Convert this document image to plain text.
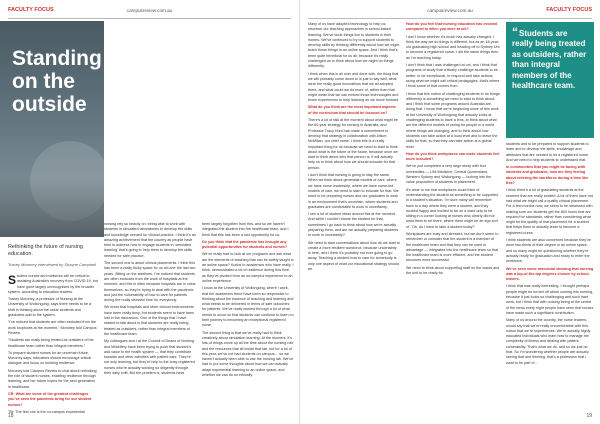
FACULTY FOCUS	campusreview.com.au
Standing on the outside
Rethinking the future of nursing education.
Tracey Moroney interviewed by Shayne Campbell

Student nurses and midwives will be critical to assisting Australia’s recovery from COVID-19, but have gone largely unrecognised by the broader system, according to education leaders.

Tracey Moroney, a professor of Nursing at the University of Wollongong, says there needs to be a shift in thinking about the value students and graduates add to the system.

“I’ve noticed that students are often excluded from the work loopholes at the moment,” Moroney told Campus Review.

“Students are really being treated as outsiders of the healthcare team rather than integral members.”

To prepare student nurses for an uncertain future, Moroney says, educators should encourage critical dialogue and focus on building resilience.

Moroney told Campus Review to chat about rethinking the role of student nurses, enabling resilience through learning, and her future hopes for the next generation in healthcare.

CR: What are some of the greatest challenges you’ve seen the pandemic bring for our student nurses?

TM: The first one is the on-campus experiential

nursing rely so heavily on: being able to work with students in simulated laboratories to develop the skills and knowledge needed for clinical practice. I think it’s an amazing achievement that the country as people have tried to address how to engage students in ‘simulated learning’ that’s going to help them to develop the skills needed for safe practice.

The second one is about clinical placements. I think this has been a really tricky space for us all over the last two years. Sitting on the sidelines, I’ve noticed that students are often excluded from the work of hospitals at the moment, and this is often because hospitals are in crisis themselves, so they’re trying to deal with the pandemic and just the vulnerability of how to care for patients during the really stressful time for everybody.

We know that hospitals and other clinical environments have been really busy, but students seem to have been lost in the discussion. One of the things that I have started to talk about is that students are really being treated as outsiders, rather than integral members of the healthcare team.

My colleagues and I at the Council of Deans of Nursing and Midwifery have been trying to push that student’s add value to the health system — that they contribute towards and other activities with patient care. They’re not only learning, but they’re help to the busy registered nurses who’re actually working so diligently through their daily shift. But the problem is, students have

been largely forgotten from this, and so we haven’t integrated the student into the healthcare team, and I think that this has been a lost opportunity for us.

Do you think that the pandemic has brought any potential opportunities for students and nurses?

We’ve really had to look at our programs and ask what are the elements of teaching that can be safely taught in an online space? Kudos to academics who have really, I think, demonstrated a lot of resilience during this time as they’ve pivoted from an on-campus experience to an online experience.

I know at the University of Wollongong, where I work, that the academics there have been so responsive to thinking about the essence of teaching and learning and what needs to be delivered in terms of safe outcomes for patients. We’ve really worked through a lot of what needs to occur so that students can continue to learn on their journey to becoming an exceptional registered nurse.

The second thing is that we’ve really had to think creatively about simulation learning. At the moment, it’s lots of things come up all the time about the nursing role and the resources that sit inside that lab, but for a lot of this year, we’ve not had students on campus… so we haven’t actually been able to use the nursing lab. We’ve had to put some thoughts about how we can actually adapt experiential learning to an online space, and whether we can do so ethically.

18
campusreview.com.au	FACULTY FOCUS

Many of us have adopted technology to help us structure our teaching approaches in school-based learning. We’ve done things live to students in their homes. We’ve continued to try to support students to develop skills by thinking differently about how we might teach those things in an online space. And I think that’s been quite beneficial for us all, because it’s really challenged us to think about how we might do things differently.

I think when this is all over and done with, the thing that we will probably come down to is just to say well, what were the really good innovations that we all adopted there, and what could we do more of, rather than that might mean that we can embed those technologies and those experiences to help learning as we move forward.

What do you think are the most important aspects of the curriculum that should be focused on?

There’s a lot of talk at the moment about what might be the 60-year strategy for nursing in Australia, and Professor Tracy Hunt has made a commitment to develop that strategy in collaboration with Alison McMillan, our chief nurse. I think this is a really important thing for us because we need to start to think about what is the future of the future, because once we start to think about who that person is, it will actually help us to think about how we should educate for that person.

I don’t think that nursing is going to stay the same. When we think about generalist models of care, where we have nurse leadership, where we have nurse-led models of care, we need to start to educate for that. We need to be preparing nurses and our graduates to work in an environment that’s uncertain, where students and graduates are comfortable to work in uncertainty.

I see a lot of student ideas around this at the moment. And while I couldn’t blame the student for that, sometimes I go back to think about how we’re actually preparing them, and are we actually preparing students to work in uncertainty?

We need to start conversations about how do we start to create a more resilient workforce, because uncertainty is here, and I think it’s probably not ever going to go away. Teaching a student how to care for somebody is only one aspect of what our educational strategy should be.

How do you feel that nursing education has evolved compared to when you were at uni?

I don’t know whether it’s much has actually changed, I think the way we do things is different, but as an 18-year-old graduating high school and heading off to Sydney Uni to become a registered nurse, I did the same things then as I’m teaching today.

I don’t think that I was challenged at uni, and I think that programs of study that critically challenge students to be better, to be exceptional, to respond and take actions, using what we might call critical pedagogies, that’s where I think some of that comes from.

I think that this notion of challenging students to do things differently is something we need to start to think about, and I think that some programs around Australia are doing that. I know that we’re beginning some of this work at the University of Wollongong that actually looks at challenging students to have a lens, to think about what are the different models of caring for people in a world where things are changing, and to think about how students can take action at a local level and to leave the skills for that, so that they can take action at a global level.

How do you think workplaces can make students feel more included?

We’ve just completed a very large study with four universities — UNI Medicine, Central Queensland, Western Sydney and Wollongong — looking into the value proposition of students in placement.

It’s clear to me that workplaces could think of understanding the student as something to be supported in a student’s situation. I’m sure many will remember back to a day where they were a student, and they worked happy and excited to be on a ward only to be sitting in a corner looking at nurses who clearly did not want them to be there, where there might be an ego sort of, ‘Oh, do I have to take a student today?’

Workplaces are busy and stressful, but we don’t seem to remember or consider that the student is a member of the healthcare team and that they can be used to advantage — integrated into the healthcare team so that the healthcare team is more efficient, and the student becomes more successful.

We need to think about supporting staff on the wards and the unit to be ready for

“Students are really being treated as outsiders, rather than integral members of the healthcare team.

students and to be prepared to support students to learn and to develop the skills, knowledge and attributes that are needed to be a registered nurse. And we need to help students to understand that.

In communities that you might be facing with students and graduates, how are they feeling about entering the workforce during a time like this?

I think there’s a lot of graduating students at the moment that are really excited. A lot of them have not had what we might call a quality clinical placement. For a few months now, we seem to be obsessed with making sure our students get the 800 hours that are required for standards, rather than considering what might be the quality of that placement for a student that helps them to actually learn to become a registered nurse.

I think students are also concerned because they’ve done two-thirds of their degree in an online space, and so many might be questioning whether they’re actually ready for graduation and ready to enter the workforce.

We’ve seen some anecdotal showing that nursing was a top-of-the-top degrees chosen by school-leavers.

I think that was really interesting. I thought perhaps people might be turned off about coming into nursing, because it just looks so challenging and such hard work, but I think that with nursing being at the centre of the news every night people have seen that nurses have made such a significant contribution.

Many of us around the country, the nurse leaders, would say that we’re really uncomfortable with this notion that we’re superheroes. We’re actually highly educated individuals who learn how to manage the complexity of illness and dealing with patient vulnerability. That’s what we do, and so we just do that. So I’m wondering whether people are actually seeing that and thinking, that’s a profession that I want to be part of…

19
